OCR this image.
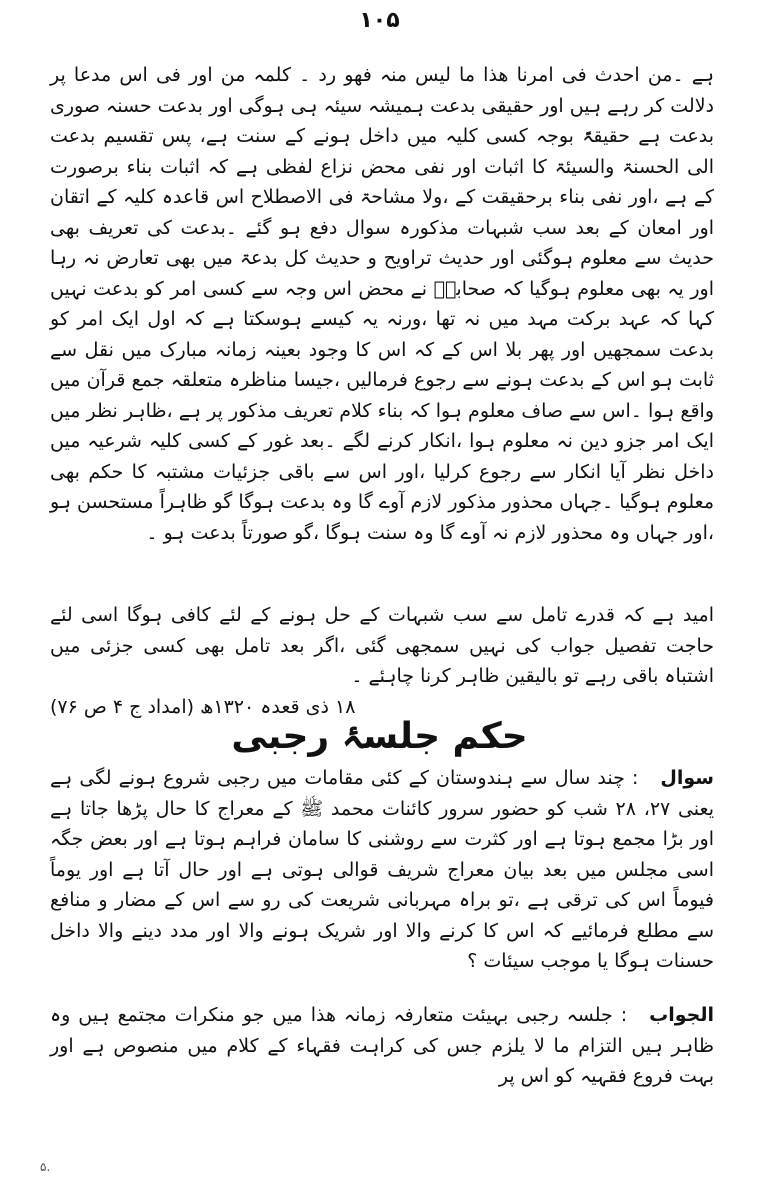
۱۰۵

ہے ۔من احدث فی امرنا ھذا ما لیس منہ فھو رد ۔ کلمہ من اور فی اس مدعا پر دلالت کر رہے ہیں اور حقیقی بدعت ہمیشہ سیئہ ہی ہوگی اور بدعت حسنہ صوری بدعت ہے حقیقۃً بوجہ کسی کلیہ میں داخل ہونے کے سنت ہے، پس تقسیم بدعت الی الحسنۃ والسیئۃ کا اثبات اور نفی محض نزاع لفظی ہے کہ اثبات بناء برصورت کے ہے ،اور نفی بناء برحقیقت کے ،ولا مشاحۃ فی الاصطلاح اس قاعدہ کلیہ کے اتقان اور امعان کے بعد سب شبہات مذکورہ سوال دفع ہو گئے ۔بدعت کی تعریف بھی حدیث سے معلوم ہوگئی اور حدیث تراویح و حدیث کل بدعۃ میں بھی تعارض نہ رہا اور یہ بھی معلوم ہوگیا کہ صحابہؓ نے محض اس وجہ سے کسی امر کو بدعت نہیں کہا کہ عہد برکت مہد میں نہ تھا ،ورنہ یہ کیسے ہوسکتا ہے کہ اول ایک امر کو بدعت سمجھیں اور پھر بلا اس کے کہ اس کا وجود بعینہ زمانہ مبارک میں نقل سے ثابت ہو اس کے بدعت ہونے سے رجوع فرمالیں ،جیسا مناظرہ متعلقہ جمع قرآن میں واقع ہوا ۔اس سے صاف معلوم ہوا کہ بناء کلام تعریف مذکور پر ہے ،ظاہر نظر میں ایک امر جزو دین نہ معلوم ہوا ،انکار کرنے لگے ۔بعد غور کے کسی کلیہ شرعیہ میں داخل نظر آیا انکار سے رجوع کرلیا ،اور اس سے باقی جزئیات مشتبہ کا حکم بھی معلوم ہوگیا ۔جہاں محذور مذکور لازم آوے گا وہ بدعت ہوگا گو ظاہراً مستحسن ہو ،اور جہاں وہ محذور لازم نہ آوے گا وہ سنت ہوگا ،گو صورتاً بدعت ہو ۔

امید ہے کہ قدرے تامل سے سب شبہات کے حل ہونے کے لئے کافی ہوگا اسی لئے حاجت تفصیل جواب کی نہیں سمجھی گئی ،اگر بعد تامل بھی کسی جزئی میں اشتباہ باقی رہے تو بالیقین ظاہر کرنا چاہئے ۔

۱۸ ذی قعدہ ۱۳۲۰ھ (امداد ج ۴ ص ۷۶)
حکم جلسۂ رجبی

سوال: چند سال سے ہندوستان کے کئی مقامات میں رجبی شروع ہونے لگی ہے یعنی ۲۷، ۲۸ شب کو حضور سرور کائنات محمد ﷺ کے معراج کا حال پڑھا جاتا ہے اور بڑا مجمع ہوتا ہے اور کثرت سے روشنی کا سامان فراہم ہوتا ہے اور بعض جگہ اسی مجلس میں بعد بیان معراج شریف قوالی ہوتی ہے اور حال آتا ہے اور یوماً فیوماً اس کی ترقی ہے ،تو براہ مہربانی شریعت کی رو سے اس کے مضار و منافع سے مطلع فرمائیے کہ اس کا کرنے والا اور شریک ہونے والا اور مدد دینے والا داخل حسنات ہوگا یا موجب سیئات ؟

الجواب: جلسہ رجبی بہیئت متعارفہ زمانہ ھذا میں جو منکرات مجتمع ہیں وہ ظاہر ہیں التزام ما لا یلزم جس کی کراہت فقہاء کے کلام میں منصوص ہے اور بہت فروع فقہیہ کو اس پر

۵.
